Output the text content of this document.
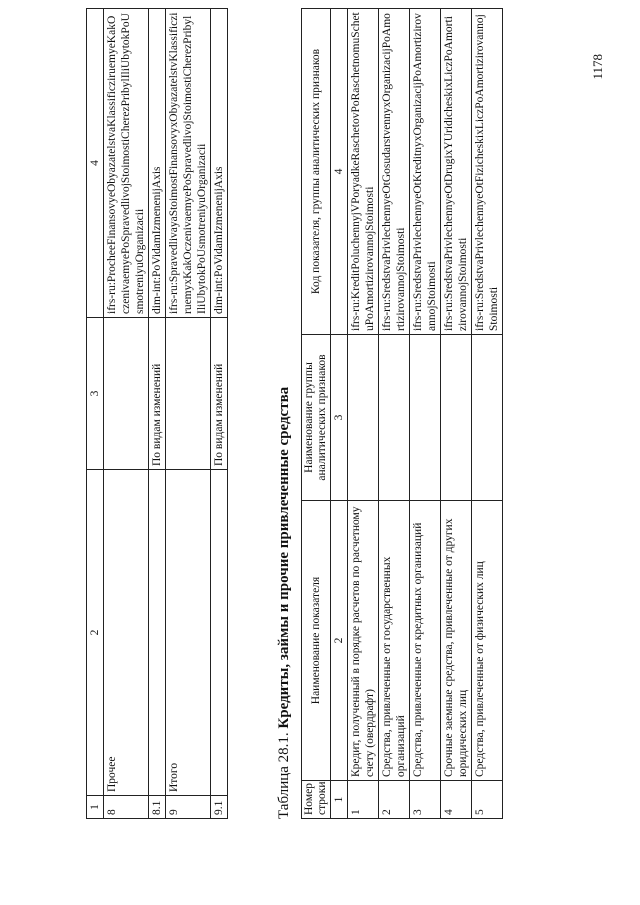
1	2	3	4
8	Прочее		ifrs-ru:ProcheeFinansovyeObyazatelstvaKlassificziruemyeKakOczenivaemyePoSpravedlivojStoimostiCherezPribylIliUbytokPoUsmotreniyuOrganizacii
8.1		По видам изменений	dim-int:PoVidamIzmenenijAxis
9	Итого		ifrs-ru:SpravedlivayaStoimostFinansovyxObyazatelstvKlassificziruemyxKakOczenivaemyePoSpravedlivojStoimostiCherezPribylIliUbytokPoUsmotreniyuOrganizacii
9.1		По видам изменений	dim-int:PoVidamIzmenenijAxis
Таблица 28.1. Кредиты, займы и прочие привлеченные средства
Номер строки	Наименование показателя	Наименование группы аналитических признаков	Код показателя, группы аналитических признаков
1	2	3	4
1	Кредит, полученный в порядке расчетов по расчетному счету (овердрафт)		ifrs-ru:KreditPoluchennyjVPoryadkeRaschetovPoRaschetnomuSchetuPoAmortizirovannojStoimosti
2	Средства, привлеченные от государственных организаций		ifrs-ru:SredstvaPrivlechennyeOtGosudarstvennyxOrganizacijPoAmortizirovannojStoimosti
3	Средства, привлеченные от кредитных организаций		ifrs-ru:SredstvaPrivlechennyeOtKreditnyxOrganizacijPoAmortizirovannojStoimosti
4	Срочные заемные средства, привлеченные от других юридических лиц		ifrs-ru:SredstvaPrivlechennyeOtDrugixYUridicheskixLiczPoAmortizirovannojStoimosti
5	Средства, привлеченные от физических лиц		ifrs-ru:SredstvaPrivlechennyeOtFizicheskixLiczPoAmortizirovannojStoimosti
1178
